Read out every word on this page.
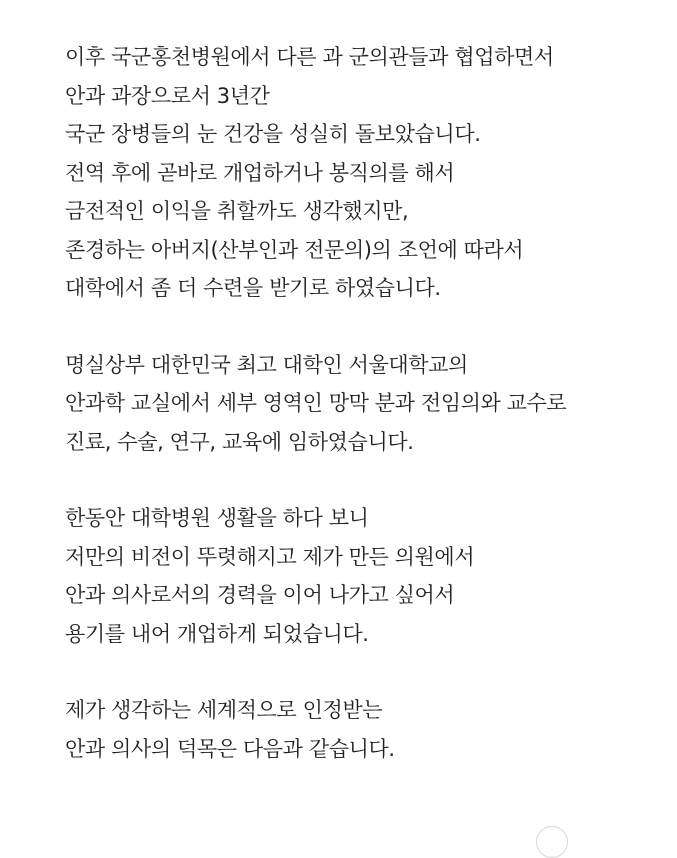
이후 국군홍천병원에서 다른 과 군의관들과 협업하면서
안과 과장으로서 3년간
국군 장병들의 눈 건강을 성실히 돌보았습니다.
전역 후에 곧바로 개업하거나 봉직의를 해서
금전적인 이익을 취할까도 생각했지만,
존경하는 아버지(산부인과 전문의)의 조언에 따라서
대학에서 좀 더 수련을 받기로 하였습니다.

명실상부 대한민국 최고 대학인 서울대학교의
안과학 교실에서 세부 영역인 망막 분과 전임의와 교수로
진료, 수술, 연구, 교육에 임하였습니다.

한동안 대학병원 생활을 하다 보니
저만의 비전이 뚜렷해지고 제가 만든 의원에서
안과 의사로서의 경력을 이어 나가고 싶어서
용기를 내어 개업하게 되었습니다.

제가 생각하는 세계적으로 인정받는
안과 의사의 덕목은 다음과 같습니다.
